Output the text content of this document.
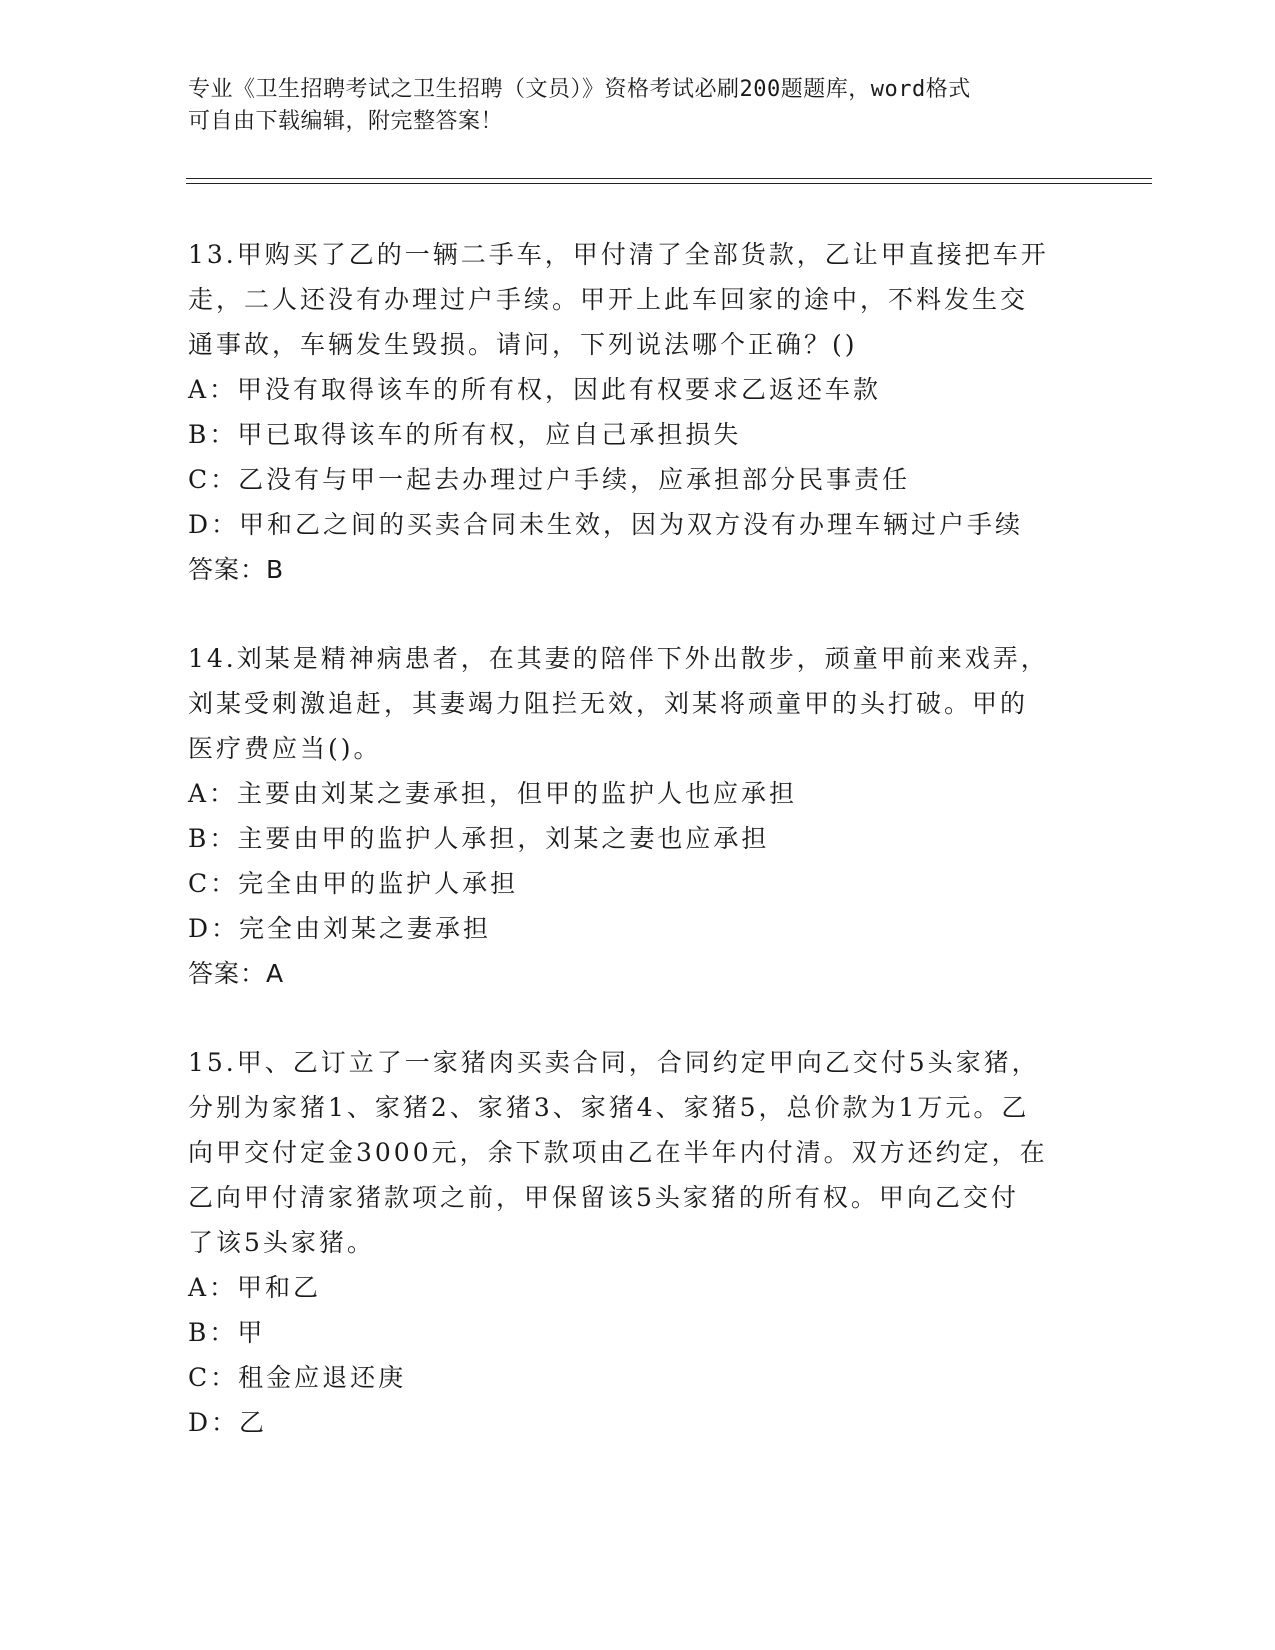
专业《卫生招聘考试之卫生招聘（文员）》资格考试必刷200题题库，word格式
可自由下载编辑，附完整答案！
13.甲购买了乙的一辆二手车，甲付清了全部货款，乙让甲直接把车开
走，二人还没有办理过户手续。甲开上此车回家的途中，不料发生交
通事故，车辆发生毁损。请问，下列说法哪个正确？()
A：甲没有取得该车的所有权，因此有权要求乙返还车款
B：甲已取得该车的所有权，应自己承担损失
C：乙没有与甲一起去办理过户手续，应承担部分民事责任
D：甲和乙之间的买卖合同未生效，因为双方没有办理车辆过户手续
答案：B
14.刘某是精神病患者，在其妻的陪伴下外出散步，顽童甲前来戏弄，
刘某受刺激追赶，其妻竭力阻拦无效，刘某将顽童甲的头打破。甲的
医疗费应当()。
A：主要由刘某之妻承担，但甲的监护人也应承担
B：主要由甲的监护人承担，刘某之妻也应承担
C：完全由甲的监护人承担
D：完全由刘某之妻承担
答案：A
15.甲、乙订立了一家猪肉买卖合同，合同约定甲向乙交付5头家猪，
分别为家猪1、家猪2、家猪3、家猪4、家猪5，总价款为1万元。乙
向甲交付定金3000元，余下款项由乙在半年内付清。双方还约定，在
乙向甲付清家猪款项之前，甲保留该5头家猪的所有权。甲向乙交付
了该5头家猪。
A：甲和乙
B：甲
C：租金应退还庚
D：乙
